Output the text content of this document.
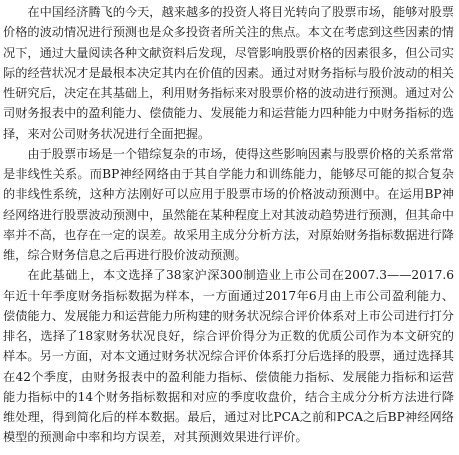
在中国经济腾飞的今天，越来越多的投资人将目光转向了股票市场，能够对股票价格的波动情况进行预测也是众多投资者所关注的焦点。本文在考虑到这些因素的情况下，通过大量阅读各种文献资料后发现，尽管影响股票价格的因素很多，但公司实际的经营状况才是最根本决定其内在价值的因素。通过对财务指标与股价波动的相关性研究后，决定在其基础上，利用财务指标来对股票价格的波动进行预测。通过对公司财务报表中的盈利能力、偿债能力、发展能力和运营能力四种能力中财务指标的选择，来对公司财务状况进行全面把握。

由于股票市场是一个错综复杂的市场，使得这些影响因素与股票价格的关系常常是非线性关系。而BP神经网络由于其自学能力和训练能力，能够尽可能的拟合复杂的非线性系统，这种方法刚好可以应用于股票市场的价格波动预测中。在运用BP神经网络进行股票波动预测中，虽然能在某种程度上对其波动趋势进行预测，但其命中率并不高，也存在一定的误差。故采用主成分分析方法，对原始财务指标数据进行降维，综合财务信息之后再进行股价波动预测。

在此基础上，本文选择了38家沪深300制造业上市公司在2007.3——2017.6年近十年季度财务指标数据为样本，一方面通过2017年6月由上市公司盈利能力、偿债能力、发展能力和运营能力所构建的财务状况综合评价体系对上市公司进行打分排名，选择了18家财务状况良好，综合评价得分为正数的优质公司作为本文研究的样本。另一方面，对本文通过财务状况综合评价体系打分后选择的股票，通过选择其在42个季度，由财务报表中的盈利能力指标、偿债能力指标、发展能力指标和运营能力指标中的14个财务指标数据和对应的季度收盘价，结合主成分分析方法进行降维处理，得到简化后的样本数据。最后，通过对比PCA之前和PCA之后BP神经网络模型的预测命中率和均方误差，对其预测效果进行评价。
